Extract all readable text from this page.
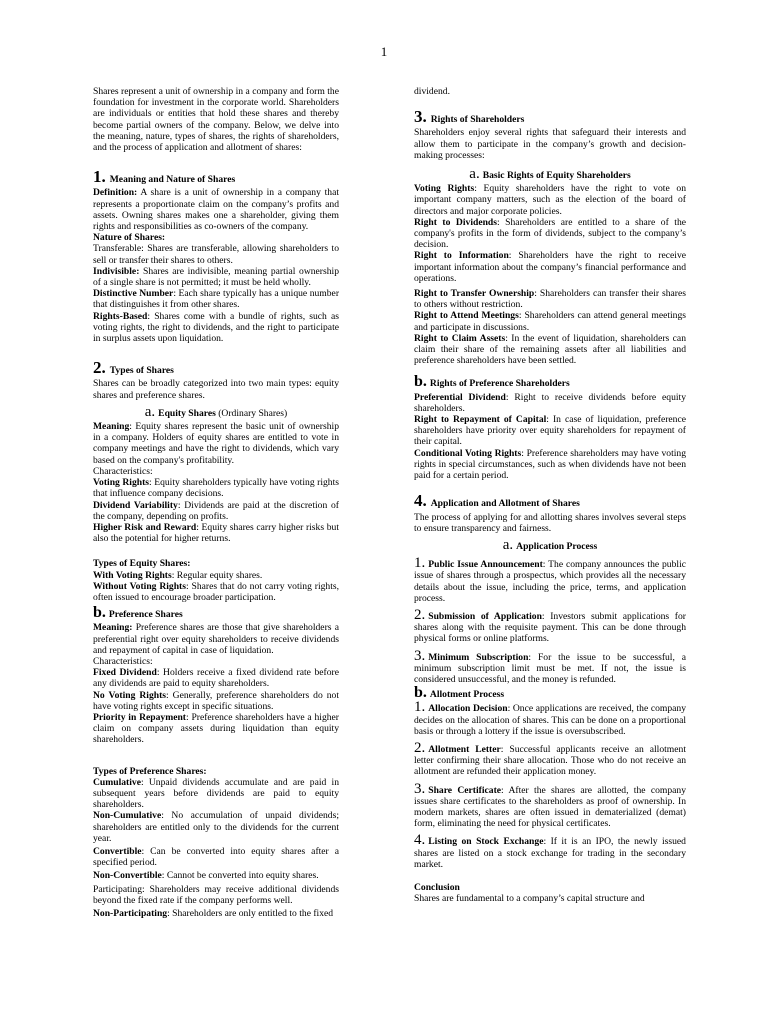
1

Shares represent a unit of ownership in a company and form the foundation for investment in the corporate world. Shareholders are individuals or entities that hold these shares and thereby become partial owners of the company. Below, we delve into the meaning, nature, types of shares, the rights of shareholders, and the process of application and allotment of shares:

1. Meaning and Nature of Shares

Definition: A share is a unit of ownership in a company that represents a proportionate claim on the company’s profits and assets. Owning shares makes one a shareholder, giving them rights and responsibilities as co-owners of the company.

Nature of Shares:

Transferable: Shares are transferable, allowing shareholders to sell or transfer their shares to others.

Indivisible: Shares are indivisible, meaning partial ownership of a single share is not permitted; it must be held wholly.

Distinctive Number: Each share typically has a unique number that distinguishes it from other shares.

Rights-Based: Shares come with a bundle of rights, such as voting rights, the right to dividends, and the right to participate in surplus assets upon liquidation.

2. Types of Shares

Shares can be broadly categorized into two main types: equity shares and preference shares.

a. Equity Shares (Ordinary Shares)

Meaning: Equity shares represent the basic unit of ownership in a company. Holders of equity shares are entitled to vote in company meetings and have the right to dividends, which vary based on the company's profitability.

Characteristics:

Voting Rights: Equity shareholders typically have voting rights that influence company decisions.

Dividend Variability: Dividends are paid at the discretion of the company, depending on profits.

Higher Risk and Reward: Equity shares carry higher risks but also the potential for higher returns.

Types of Equity Shares:

With Voting Rights: Regular equity shares.

Without Voting Rights: Shares that do not carry voting rights, often issued to encourage broader participation.

b. Preference Shares

Meaning: Preference shares are those that give shareholders a preferential right over equity shareholders to receive dividends and repayment of capital in case of liquidation.

Characteristics:

Fixed Dividend: Holders receive a fixed dividend rate before any dividends are paid to equity shareholders.

No Voting Rights: Generally, preference shareholders do not have voting rights except in specific situations.

Priority in Repayment: Preference shareholders have a higher claim on company assets during liquidation than equity shareholders.

Types of Preference Shares:

Cumulative: Unpaid dividends accumulate and are paid in subsequent years before dividends are paid to equity shareholders.

Non-Cumulative: No accumulation of unpaid dividends; shareholders are entitled only to the dividends for the current year.

Convertible: Can be converted into equity shares after a specified period.

Non-Convertible: Cannot be converted into equity shares.

Participating: Shareholders may receive additional dividends beyond the fixed rate if the company performs well.

Non-Participating: Shareholders are only entitled to the fixed

dividend.

3. Rights of Shareholders

Shareholders enjoy several rights that safeguard their interests and allow them to participate in the company’s growth and decision-making processes:

a. Basic Rights of Equity Shareholders

Voting Rights: Equity shareholders have the right to vote on important company matters, such as the election of the board of directors and major corporate policies.

Right to Dividends: Shareholders are entitled to a share of the company's profits in the form of dividends, subject to the company’s decision.

Right to Information: Shareholders have the right to receive important information about the company’s financial performance and operations.

Right to Transfer Ownership: Shareholders can transfer their shares to others without restriction.

Right to Attend Meetings: Shareholders can attend general meetings and participate in discussions.

Right to Claim Assets: In the event of liquidation, shareholders can claim their share of the remaining assets after all liabilities and preference shareholders have been settled.

b. Rights of Preference Shareholders

Preferential Dividend: Right to receive dividends before equity shareholders.

Right to Repayment of Capital: In case of liquidation, preference shareholders have priority over equity shareholders for repayment of their capital.

Conditional Voting Rights: Preference shareholders may have voting rights in special circumstances, such as when dividends have not been paid for a certain period.

4. Application and Allotment of Shares

The process of applying for and allotting shares involves several steps to ensure transparency and fairness.

a. Application Process

1. Public Issue Announcement: The company announces the public issue of shares through a prospectus, which provides all the necessary details about the issue, including the price, terms, and application process.

2. Submission of Application: Investors submit applications for shares along with the requisite payment. This can be done through physical forms or online platforms.

3. Minimum Subscription: For the issue to be successful, a minimum subscription limit must be met. If not, the issue is considered unsuccessful, and the money is refunded.

b. Allotment Process

1. Allocation Decision: Once applications are received, the company decides on the allocation of shares. This can be done on a proportional basis or through a lottery if the issue is oversubscribed.

2. Allotment Letter: Successful applicants receive an allotment letter confirming their share allocation. Those who do not receive an allotment are refunded their application money.

3. Share Certificate: After the shares are allotted, the company issues share certificates to the shareholders as proof of ownership. In modern markets, shares are often issued in dematerialized (demat) form, eliminating the need for physical certificates.

4. Listing on Stock Exchange: If it is an IPO, the newly issued shares are listed on a stock exchange for trading in the secondary market.

Conclusion

Shares are fundamental to a company’s capital structure and
